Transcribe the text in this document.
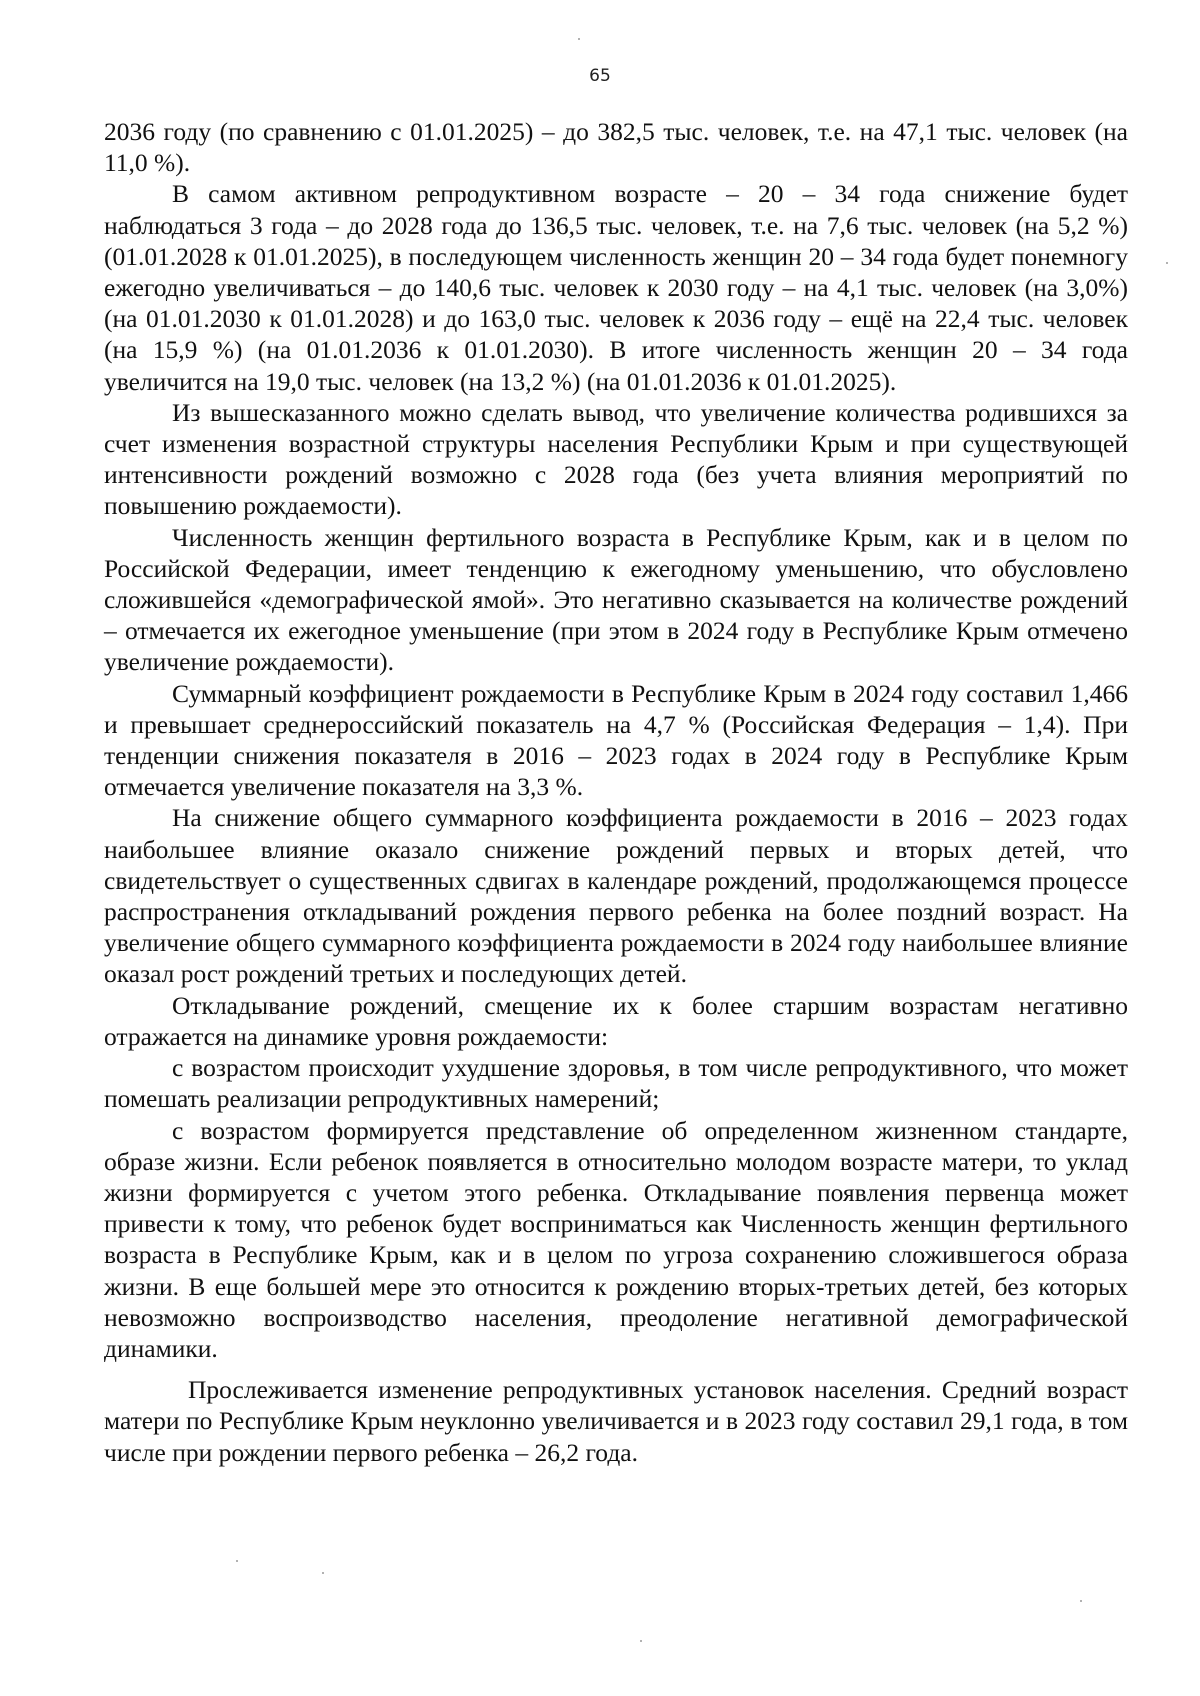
65

2036 году (по сравнению с 01.01.2025) – до 382,5 тыс. человек, т.е. на 47,1 тыс. человек (на 11,0 %).

В самом активном репродуктивном возрасте – 20 – 34 года снижение будет наблюдаться 3 года – до 2028 года до 136,5 тыс. человек, т.е. на 7,6 тыс. человек (на 5,2 %) (01.01.2028 к 01.01.2025), в последующем численность женщин 20 – 34 года будет понемногу ежегодно увеличиваться – до 140,6 тыс. человек к 2030 году – на 4,1 тыс. человек (на 3,0%) (на 01.01.2030 к 01.01.2028) и до 163,0 тыс. человек к 2036 году – ещё на 22,4 тыс. человек (на 15,9 %) (на 01.01.2036 к 01.01.2030). В итоге численность женщин 20 – 34 года увеличится на 19,0 тыс. человек (на 13,2 %) (на 01.01.2036 к 01.01.2025).

Из вышесказанного можно сделать вывод, что увеличение количества родившихся за счет изменения возрастной структуры населения Республики Крым и при существующей интенсивности рождений возможно с 2028 года (без учета влияния мероприятий по повышению рождаемости).

Численность женщин фертильного возраста в Республике Крым, как и в целом по Российской Федерации, имеет тенденцию к ежегодному уменьшению, что обусловлено сложившейся «демографической ямой». Это негативно сказывается на количестве рождений – отмечается их ежегодное уменьшение (при этом в 2024 году в Республике Крым отмечено увеличение рождаемости).

Суммарный коэффициент рождаемости в Республике Крым в 2024 году составил 1,466 и превышает среднероссийский показатель на 4,7 % (Российская Федерация – 1,4). При тенденции снижения показателя в 2016 – 2023 годах в 2024 году в Республике Крым отмечается увеличение показателя на 3,3 %.

На снижение общего суммарного коэффициента рождаемости в 2016 – 2023 годах наибольшее влияние оказало снижение рождений первых и вторых детей, что свидетельствует о существенных сдвигах в календаре рождений, продолжающемся процессе распространения откладываний рождения первого ребенка на более поздний возраст. На увеличение общего суммарного коэффициента рождаемости в 2024 году наибольшее влияние оказал рост рождений третьих и последующих детей.

Откладывание рождений, смещение их к более старшим возрастам негативно отражается на динамике уровня рождаемости:

с возрастом происходит ухудшение здоровья, в том числе репродуктивного, что может помешать реализации репродуктивных намерений;

с возрастом формируется представление об определенном жизненном стандарте, образе жизни. Если ребенок появляется в относительно молодом возрасте матери, то уклад жизни формируется с учетом этого ребенка. Откладывание появления первенца может привести к тому, что ребенок будет восприниматься как Численность женщин фертильного возраста в Республике Крым, как и в целом по угроза сохранению сложившегося образа жизни. В еще большей мере это относится к рождению вторых-третьих детей, без которых невозможно воспроизводство населения, преодоление негативной демографической динамики.

Прослеживается изменение репродуктивных установок населения. Средний возраст матери по Республике Крым неуклонно увеличивается и в 2023 году составил 29,1 года, в том числе при рождении первого ребенка – 26,2 года.
